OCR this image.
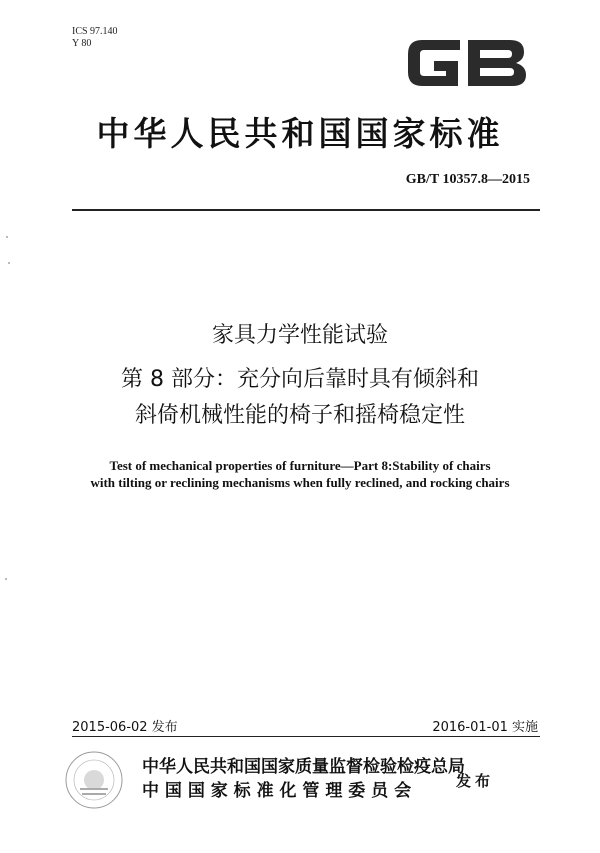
ICS 97.140
Y 80
中华人民共和国国家标准
GB/T 10357.8—2015
家具力学性能试验
第 8 部分：充分向后靠时具有倾斜和
斜倚机械性能的椅子和摇椅稳定性
Test of mechanical properties of furniture—Part 8:Stability of chairs
with tilting or reclining mechanisms when fully reclined, and rocking chairs
2015-06-02 发布	2016-01-01 实施
中华人民共和国国家质量监督检验检疫总局
中 国 国 家 标 准 化 管 理 委 员 会	发布
